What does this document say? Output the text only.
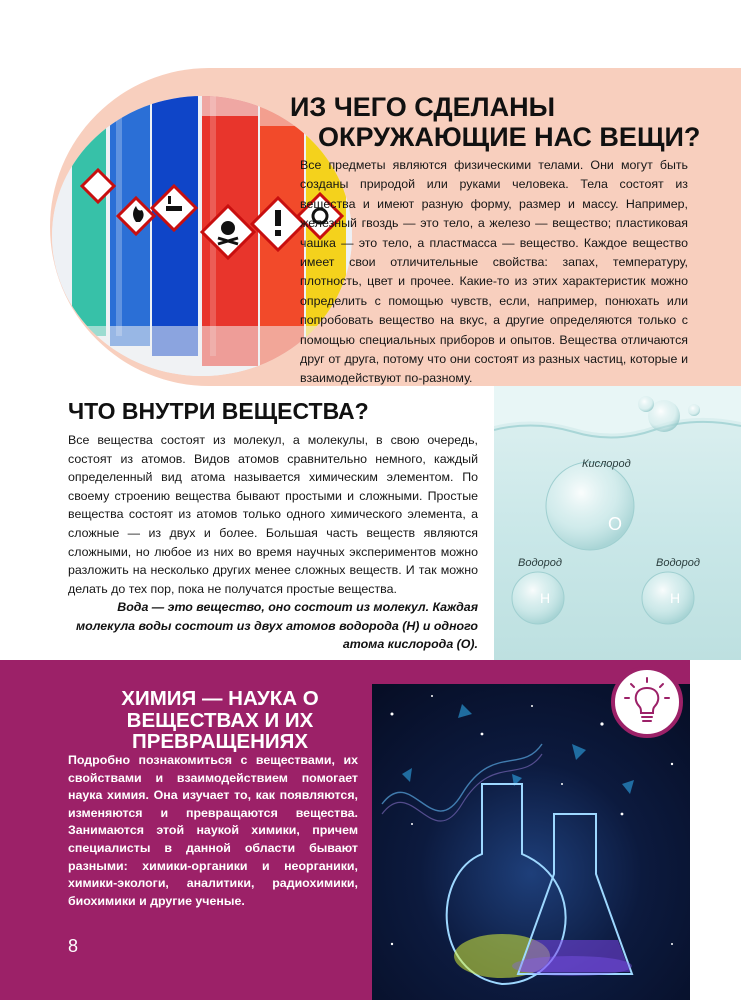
ИЗ ЧЕГО СДЕЛАНЫ
ОКРУЖАЮЩИЕ НАС ВЕЩИ?
Все предметы являются физическими телами. Они могут быть созданы природой или руками человека. Тела состоят из вещества и имеют разную форму, размер и массу. Например, железный гвоздь — это тело, а железо — вещество; пластиковая чашка — это тело, а пластмасса — вещество. Каждое вещество имеет свои отличительные свойства: запах, температуру, плотность, цвет и прочее. Какие-то из этих характеристик можно определить с помощью чувств, если, например, понюхать или попробовать вещество на вкус, а другие определяются только с помощью специальных приборов и опытов. Вещества отличаются друг от друга, потому что они состоят из разных частиц, которые и взаимодействуют по-разному.
ЧТО ВНУТРИ ВЕЩЕСТВА?
Все вещества состоят из молекул, а молекулы, в свою очередь, состоят из атомов. Видов атомов сравнительно немного, каждый определенный вид атома называется химическим элементом. По своему строению вещества бывают простыми и сложными. Простые вещества состоят из атомов только одного химического элемента, а сложные — из двух и более. Большая часть веществ являются сложными, но любое из них во время научных экспериментов можно разложить на несколько других менее сложных веществ. И так можно делать до тех пор, пока не получатся простые вещества.
Вода — это вещество, оно состоит из молекул. Каждая молекула воды состоит из двух атомов водорода (Н) и одного атома кислорода (О).
Кислород
Водород	Водород
O
H	H
ХИМИЯ — НАУКА О ВЕЩЕСТВАХ И ИХ ПРЕВРАЩЕНИЯХ
Подробно познакомиться с веществами, их свойствами и взаимодействием помогает наука химия. Она изучает то, как появляются, изменяются и превращаются вещества. Занимаются этой наукой химики, причем специалисты в данной области бывают разными: химики-органики и неорганики, химики-экологи, аналитики, радиохимики, биохимики и другие ученые.
8
